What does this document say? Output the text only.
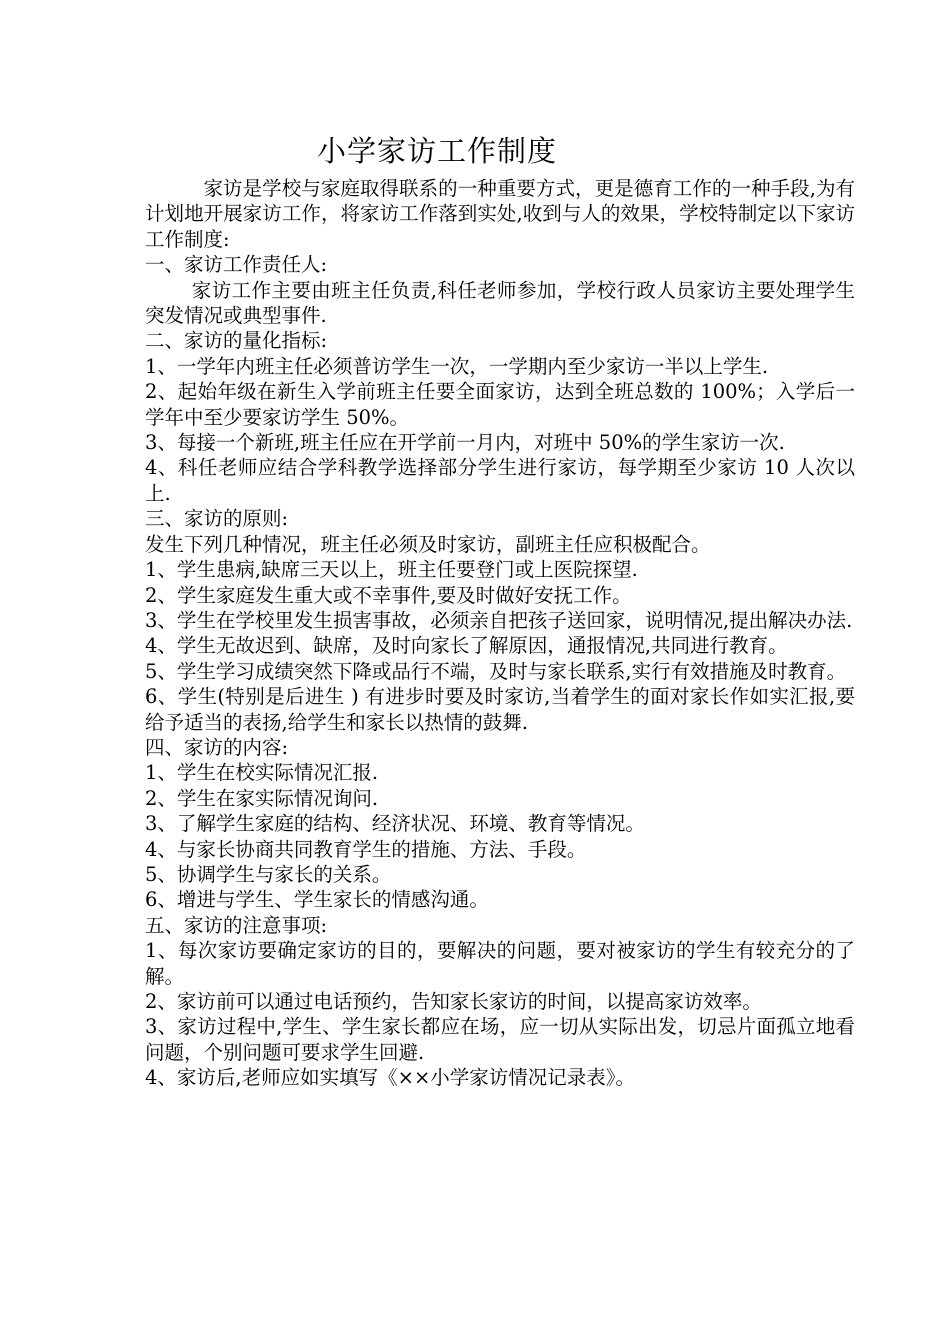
小学家访工作制度

家访是学校与家庭取得联系的一种重要方式，更是德育工作的一种手段,为有计划地开展家访工作，将家访工作落到实处,收到与人的效果，学校特制定以下家访工作制度:

一、家访工作责任人:

家访工作主要由班主任负责,科任老师参加，学校行政人员家访主要处理学生突发情况或典型事件.

二、家访的量化指标:

1、一学年内班主任必须普访学生一次，一学期内至少家访一半以上学生.

2、起始年级在新生入学前班主任要全面家访，达到全班总数的 100%；入学后一学年中至少要家访学生 50%。

3、每接一个新班,班主任应在开学前一月内，对班中 50%的学生家访一次.

4、科任老师应结合学科教学选择部分学生进行家访，每学期至少家访 10 人次以上.

三、家访的原则:

发生下列几种情况，班主任必须及时家访，副班主任应积极配合。

1、学生患病,缺席三天以上，班主任要登门或上医院探望.

2、学生家庭发生重大或不幸事件,要及时做好安抚工作。

3、学生在学校里发生损害事故，必须亲自把孩子送回家，说明情况,提出解决办法.

4、学生无故迟到、缺席，及时向家长了解原因，通报情况,共同进行教育。

5、学生学习成绩突然下降或品行不端，及时与家长联系,实行有效措施及时教育。

6、学生(特别是后进生 ) 有进步时要及时家访,当着学生的面对家长作如实汇报,要给予适当的表扬,给学生和家长以热情的鼓舞.

四、家访的内容:

1、学生在校实际情况汇报.

2、学生在家实际情况询问.

3、了解学生家庭的结构、经济状况、环境、教育等情况。

4、与家长协商共同教育学生的措施、方法、手段。

5、协调学生与家长的关系。

6、增进与学生、学生家长的情感沟通。

五、家访的注意事项:

1、每次家访要确定家访的目的，要解决的问题，要对被家访的学生有较充分的了解。

2、家访前可以通过电话预约，告知家长家访的时间，以提高家访效率。

3、家访过程中,学生、学生家长都应在场，应一切从实际出发，切忌片面孤立地看问题，个别问题可要求学生回避.

4、家访后,老师应如实填写《××小学家访情况记录表》。
